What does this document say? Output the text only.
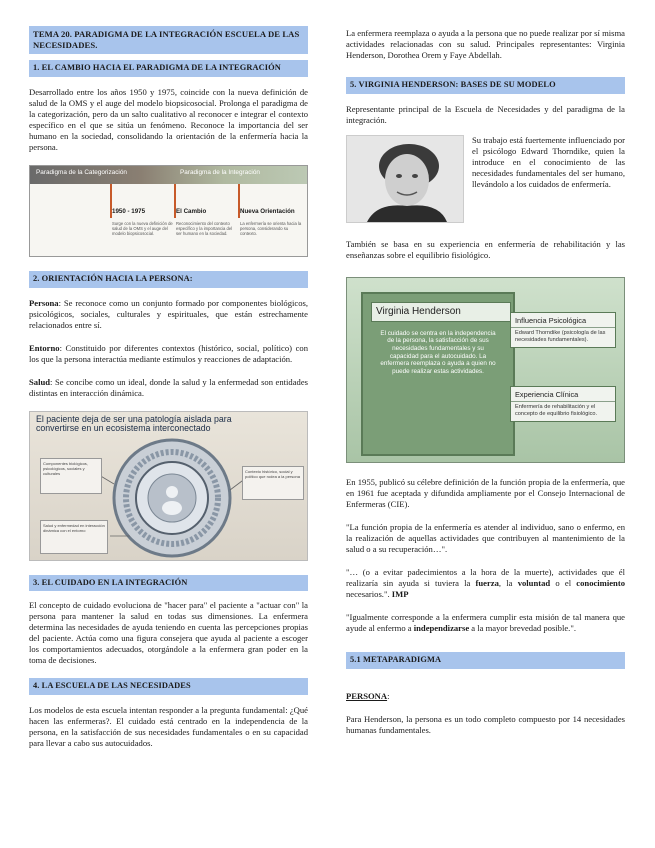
TEMA 20. PARADIGMA DE LA INTEGRACIÓN ESCUELA DE LAS NECESIDADES.
1. EL CAMBIO HACIA EL PARADIGMA DE LA INTEGRACIÓN

Desarrollado entre los años 1950 y 1975, coincide con la nueva definición de salud de la OMS y el auge del modelo biopsicosocial. Prolonga el paradigma de la categorización, pero da un salto cualitativo al reconocer e integrar el contexto específico en el que se sitúa un fenómeno. Reconoce la importancia del ser humano en la sociedad, consolidando la orientación de la enfermería hacia la persona.

Paradigma de la Categorización	Paradigma de la Integración
1950 - 1975	El Cambio	Nueva Orientación
Surge con la nueva definición de salud de la OMS y el auge del modelo biopsicosocial.
Reconocimiento del contexto específico y la importancia del ser humano en la sociedad.
La enfermería se orienta hacia la persona, considerando su contexto.
2. ORIENTACIÓN HACIA LA PERSONA:

Persona: Se reconoce como un conjunto formado por componentes biológicos, psicológicos, sociales, culturales y espirituales, que están estrechamente relacionados entre sí.

Entorno: Constituido por diferentes contextos (histórico, social, político) con los que la persona interactúa mediante estímulos y reacciones de adaptación.

Salud: Se concibe como un ideal, donde la salud y la enfermedad son entidades distintas en interacción dinámica.

El paciente deja de ser una patología aislada para convertirse en un ecosistema interconectado
Componentes biológicos, psicológicos, sociales y culturales	Contexto histórico, social y político que rodea a la persona
Salud y enfermedad en interacción dinámica con el entorno
3. EL CUIDADO EN LA INTEGRACIÓN

El concepto de cuidado evoluciona de "hacer para" el paciente a "actuar con" la persona para mantener la salud en todas sus dimensiones. La enfermera determina las necesidades de ayuda teniendo en cuenta las percepciones propias del paciente. Actúa como una figura consejera que ayuda al paciente a escoger los comportamientos adecuados, otorgándole a la enfermera gran poder en la toma de decisiones.

4. LA ESCUELA DE LAS NECESIDADES

Los modelos de esta escuela intentan responder a la pregunta fundamental: ¿Qué hacen las enfermeras?. El cuidado está centrado en la independencia de la persona, en la satisfacción de sus necesidades fundamentales o en su capacidad para llevar a cabo sus autocuidados.

La enfermera reemplaza o ayuda a la persona que no puede realizar por sí misma actividades relacionadas con su salud. Principales representantes: Virginia Henderson, Dorothea Orem y Faye Abdellah.

5. VIRGINIA HENDERSON: BASES DE SU MODELO

Representante principal de la Escuela de Necesidades y del paradigma de la integración.

Su trabajo está fuertemente influenciado por el psicólogo Edward Thorndike, quien la introduce en el conocimiento de las necesidades fundamentales del ser humano, llevándolo a los cuidados de enfermería.

También se basa en su experiencia en enfermería de rehabilitación y las enseñanzas sobre el equilibrio fisiológico.

Virginia Henderson
El cuidado se centra en la independencia de la persona, la satisfacción de sus necesidades fundamentales y su capacidad para el autocuidado. La enfermera reemplaza o ayuda a quien no puede realizar estas actividades.
Influencia Psicológica
Edward Thorndike (psicología de las necesidades fundamentales).
Experiencia Clínica
Enfermería de rehabilitación y el concepto de equilibrio fisiológico.

En 1955, publicó su célebre definición de la función propia de la enfermería, que en 1961 fue aceptada y difundida ampliamente por el Consejo Internacional de Enfermeras (CIE).

"La función propia de la enfermería es atender al individuo, sano o enfermo, en la realización de aquellas actividades que contribuyen al mantenimiento de la salud o a su recuperación…".

"… (o a evitar padecimientos a la hora de la muerte), actividades que él realizaría sin ayuda si tuviera la fuerza, la voluntad o el conocimiento necesarios.". IMP

"Igualmente corresponde a la enfermera cumplir esta misión de tal manera que ayude al enfermo a independizarse a la mayor brevedad posible.".

5.1 METAPARADIGMA

PERSONA:

Para Henderson, la persona es un todo completo compuesto por 14 necesidades humanas fundamentales.
